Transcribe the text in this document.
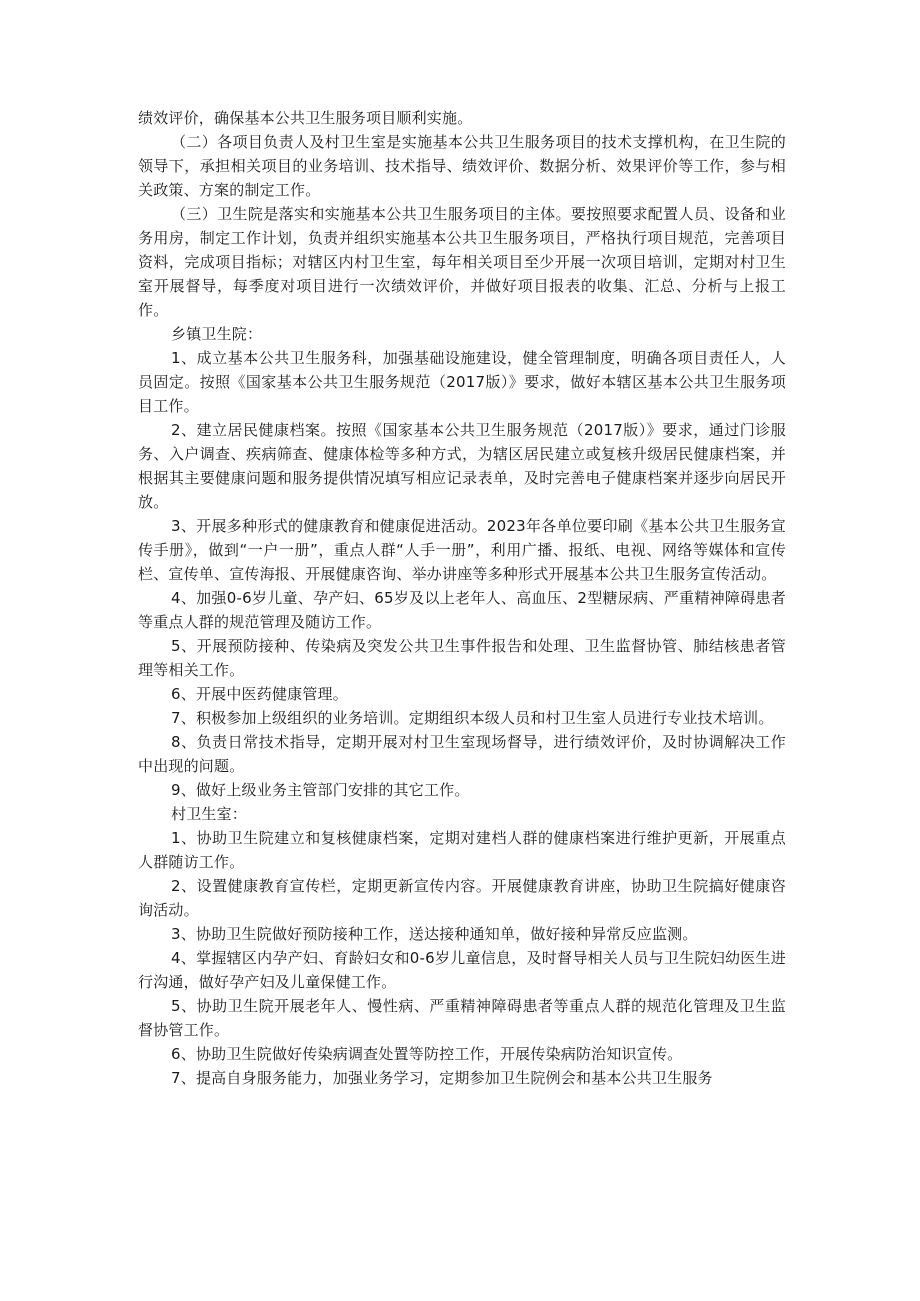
绩效评价，确保基本公共卫生服务项目顺利实施。

（二）各项目负责人及村卫生室是实施基本公共卫生服务项目的技术支撑机构，在卫生院的领导下，承担相关项目的业务培训、技术指导、绩效评价、数据分析、效果评价等工作，参与相关政策、方案的制定工作。

（三）卫生院是落实和实施基本公共卫生服务项目的主体。要按照要求配置人员、设备和业务用房，制定工作计划，负责并组织实施基本公共卫生服务项目，严格执行项目规范，完善项目资料，完成项目指标；对辖区内村卫生室，每年相关项目至少开展一次项目培训，定期对村卫生室开展督导，每季度对项目进行一次绩效评价，并做好项目报表的收集、汇总、分析与上报工作。

乡镇卫生院：

1、成立基本公共卫生服务科，加强基础设施建设，健全管理制度，明确各项目责任人，人员固定。按照《国家基本公共卫生服务规范（2017版）》要求，做好本辖区基本公共卫生服务项目工作。

2、建立居民健康档案。按照《国家基本公共卫生服务规范（2017版）》要求，通过门诊服务、入户调查、疾病筛查、健康体检等多种方式，为辖区居民建立或复核升级居民健康档案，并根据其主要健康问题和服务提供情况填写相应记录表单，及时完善电子健康档案并逐步向居民开放。

3、开展多种形式的健康教育和健康促进活动。2023年各单位要印刷《基本公共卫生服务宣传手册》，做到“一户一册”，重点人群“人手一册”，利用广播、报纸、电视、网络等媒体和宣传栏、宣传单、宣传海报、开展健康咨询、举办讲座等多种形式开展基本公共卫生服务宣传活动。

4、加强0-6岁儿童、孕产妇、65岁及以上老年人、高血压、2型糖尿病、严重精神障碍患者等重点人群的规范管理及随访工作。

5、开展预防接种、传染病及突发公共卫生事件报告和处理、卫生监督协管、肺结核患者管理等相关工作。

6、开展中医药健康管理。

7、积极参加上级组织的业务培训。定期组织本级人员和村卫生室人员进行专业技术培训。

8、负责日常技术指导，定期开展对村卫生室现场督导，进行绩效评价，及时协调解决工作中出现的问题。

9、做好上级业务主管部门安排的其它工作。

村卫生室：

1、协助卫生院建立和复核健康档案，定期对建档人群的健康档案进行维护更新，开展重点人群随访工作。

2、设置健康教育宣传栏，定期更新宣传内容。开展健康教育讲座，协助卫生院搞好健康咨询活动。

3、协助卫生院做好预防接种工作，送达接种通知单，做好接种异常反应监测。

4、掌握辖区内孕产妇、育龄妇女和0-6岁儿童信息，及时督导相关人员与卫生院妇幼医生进行沟通，做好孕产妇及儿童保健工作。

5、协助卫生院开展老年人、慢性病、严重精神障碍患者等重点人群的规范化管理及卫生监督协管工作。

6、协助卫生院做好传染病调查处置等防控工作，开展传染病防治知识宣传。

7、提高自身服务能力，加强业务学习，定期参加卫生院例会和基本公共卫生服务
